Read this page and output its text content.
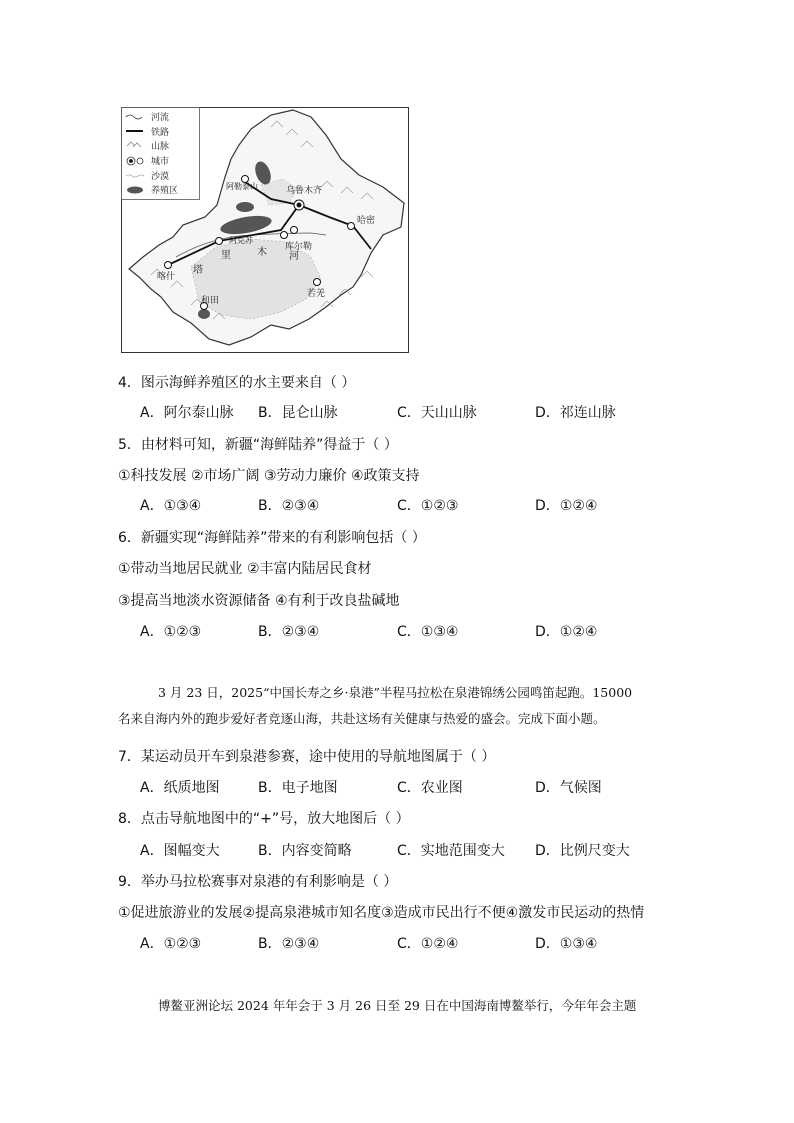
河流
铁路
山脉
城市
沙漠
养殖区	阿勒泰山	乌鲁木齐
哈密
阿克苏
库尔勒
喀什
和田
若羌
塔
里	木 河
4．图示海鲜养殖区的水主要来自（ ）
A．阿尔泰山脉 B．昆仑山脉	C．天山山脉	D．祁连山脉
5．由材料可知，新疆“海鲜陆养”得益于（ ）
①科技发展 ②市场广阔 ③劳动力廉价 ④政策支持
A．①③④	B．②③④	C．①②③	D．①②④
6．新疆实现“海鲜陆养”带来的有利影响包括（ ）
①带动当地居民就业 ②丰富内陆居民食材
③提高当地淡水资源储备 ④有利于改良盐碱地
A．①②③	B．②③④	C．①③④	D．①②④

3 月 23 日，2025“中国长寿之乡·泉港”半程马拉松在泉港锦绣公园鸣笛起跑。15000

名来自海内外的跑步爱好者竞逐山海，共赴这场有关健康与热爱的盛会。完成下面小题。

7．某运动员开车到泉港参赛，途中使用的导航地图属于（ ）
A．纸质地图	B．电子地图	C．农业图	D．气候图
8．点击导航地图中的“+”号，放大地图后（ ）
A．图幅变大	B．内容变简略	C．实地范围变大 D．比例尺变大
9．举办马拉松赛事对泉港的有利影响是（ ）
①促进旅游业的发展②提高泉港城市知名度③造成市民出行不便④激发市民运动的热情
A．①②③	B．②③④	C．①②④	D．①③④

博鳌亚洲论坛 2024 年年会于 3 月 26 日至 29 日在中国海南博鳌举行，今年年会主题
